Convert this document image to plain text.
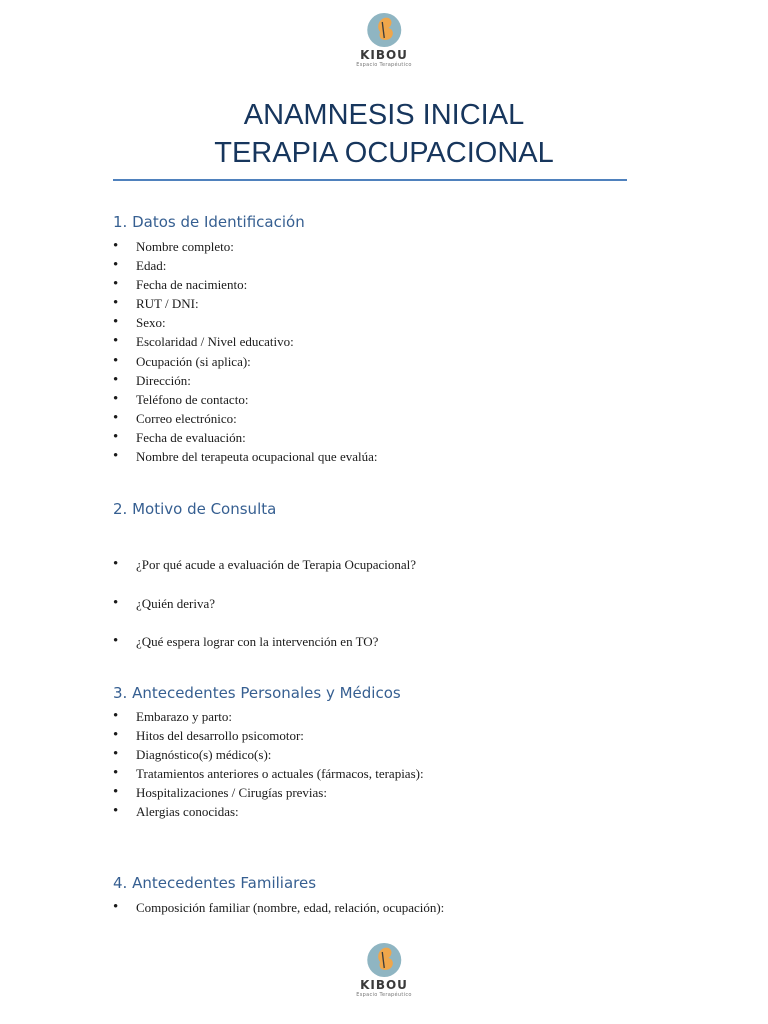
KIBOU
Espacio Terapéutico
ANAMNESIS INICIAL
TERAPIA OCUPACIONAL
1. Datos de Identificación
• Nombre completo:
• Edad:
• Fecha de nacimiento:
• RUT / DNI:
• Sexo:
• Escolaridad / Nivel educativo:
• Ocupación (si aplica):
• Dirección:
• Teléfono de contacto:
• Correo electrónico:
• Fecha de evaluación:
• Nombre del terapeuta ocupacional que evalúa:
2. Motivo de Consulta
• ¿Por qué acude a evaluación de Terapia Ocupacional?
• ¿Quién deriva?
• ¿Qué espera lograr con la intervención en TO?
3. Antecedentes Personales y Médicos
• Embarazo y parto:
• Hitos del desarrollo psicomotor:
• Diagnóstico(s) médico(s):
• Tratamientos anteriores o actuales (fármacos, terapias):
• Hospitalizaciones / Cirugías previas:
• Alergias conocidas:
4. Antecedentes Familiares
• Composición familiar (nombre, edad, relación, ocupación):
KIBOU
Espacio Terapéutico
